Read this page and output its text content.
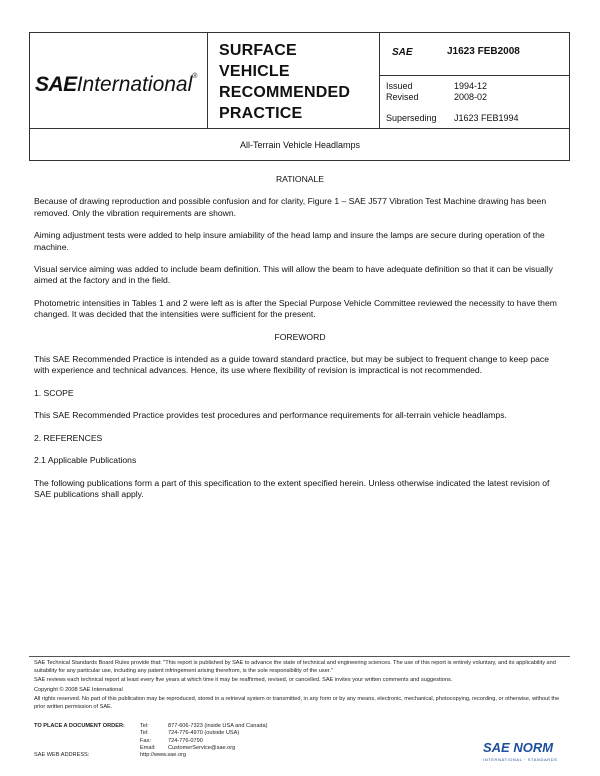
SAEInternational®
SURFACE
VEHICLE
RECOMMENDED
PRACTICE
SAE	J1623 FEB2008
Issued	1994-12
Revised	2008-02
Superseding J1623 FEB1994
All-Terrain Vehicle Headlamps

RATIONALE

Because of drawing reproduction and possible confusion and for clarity, Figure 1 – SAE J577 Vibration Test Machine drawing has been removed. Only the vibration requirements are shown.

Aiming adjustment tests were added to help insure amiability of the head lamp and insure the lamps are secure during operation of the machine.

Visual service aiming was added to include beam definition. This will allow the beam to have adequate definition so that it can be visually aimed at the factory and in the field.

Photometric intensities in Tables 1 and 2 were left as is after the Special Purpose Vehicle Committee reviewed the necessity to have them changed. It was decided that the intensities were sufficient for the present.

FOREWORD

This SAE Recommended Practice is intended as a guide toward standard practice, but may be subject to frequent change to keep pace with experience and technical advances. Hence, its use where flexibility of revision is impractical is not recommended.

1. SCOPE

This SAE Recommended Practice provides test procedures and performance requirements for all-terrain vehicle headlamps.

2. REFERENCES

2.1 Applicable Publications

The following publications form a part of this specification to the extent specified herein. Unless otherwise indicated the latest revision of SAE publications shall apply.

SAE Technical Standards Board Rules provide that: "This report is published by SAE to advance the state of technical and engineering sciences. The use of this report is entirely voluntary, and its applicability and suitability for any particular use, including any patent infringement arising therefrom, is the sole responsibility of the user."

SAE reviews each technical report at least every five years at which time it may be reaffirmed, revised, or cancelled. SAE invites your written comments and suggestions.

Copyright © 2008 SAE International

All rights reserved. No part of this publication may be reproduced, stored in a retrieval system or transmitted, in any form or by any means, electronic, mechanical, photocopying, recording, or otherwise, without the prior written permission of SAE.

TO PLACE A DOCUMENT ORDER:	Tel:	877-606-7323 (inside USA and Canada)
Tel:	724-776-4970 (outside USA)
Fax:	724-776-0790
Email: CustomerService@sae.org
SAE WEB ADDRESS:	http://www.sae.org
SAE NORM
INTERNATIONAL · STANDARDS
